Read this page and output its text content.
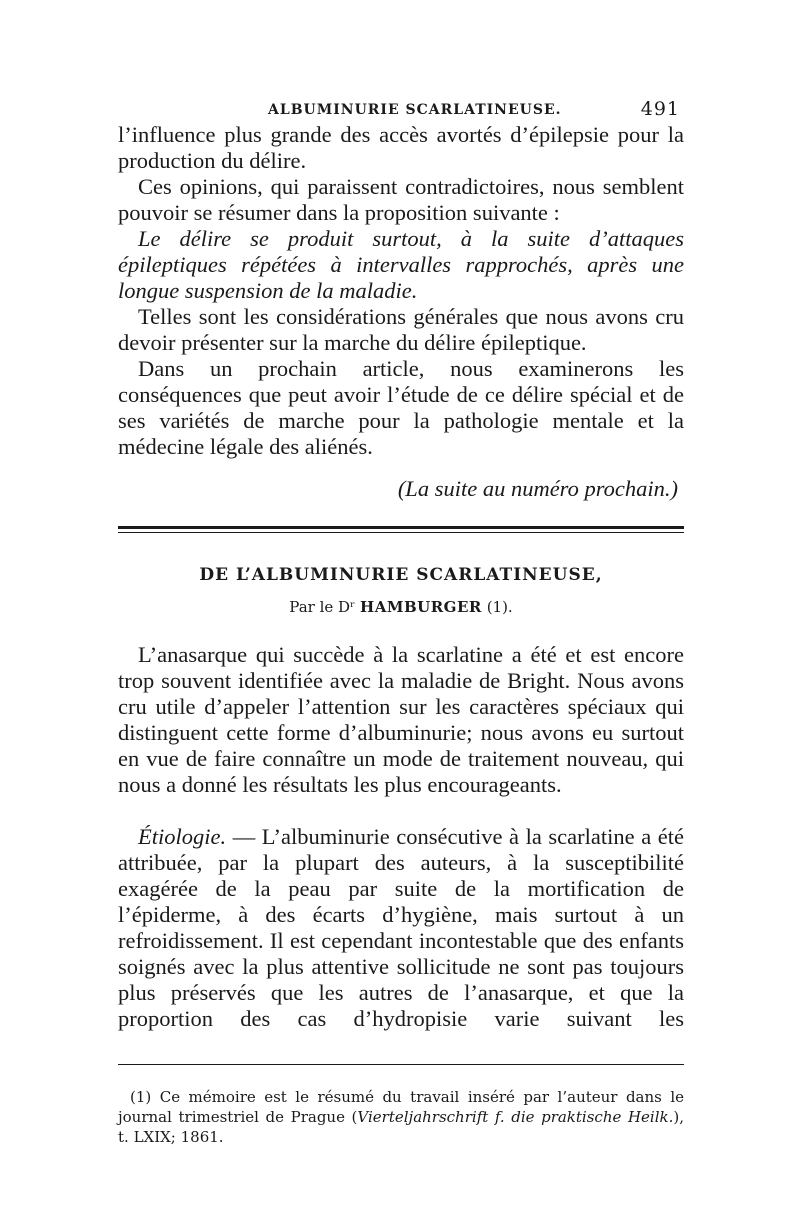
ALBUMINURIE SCARLATINEUSE.	491

l’influence plus grande des accès avortés d’épilepsie pour la production du délire.

Ces opinions, qui paraissent contradictoires, nous semblent pouvoir se résumer dans la proposition suivante :

Le délire se produit surtout, à la suite d’attaques épileptiques répétées à intervalles rapprochés, après une longue suspension de la maladie.

Telles sont les considérations générales que nous avons cru devoir présenter sur la marche du délire épileptique.

Dans un prochain article, nous examinerons les conséquences que peut avoir l’étude de ce délire spécial et de ses variétés de marche pour la pathologie mentale et la médecine légale des aliénés.

(La suite au numéro prochain.)

DE L’ALBUMINURIE SCARLATINEUSE,
Par le Dʳ HAMBURGER (1).

L’anasarque qui succède à la scarlatine a été et est encore trop souvent identifiée avec la maladie de Bright. Nous avons cru utile d’appeler l’attention sur les caractères spéciaux qui distinguent cette forme d’albuminurie; nous avons eu surtout en vue de faire connaître un mode de traitement nouveau, qui nous a donné les résultats les plus encourageants.

Étiologie. — L’albuminurie consécutive à la scarlatine a été attribuée, par la plupart des auteurs, à la susceptibilité exagérée de la peau par suite de la mortification de l’épiderme, à des écarts d’hygiène, mais surtout à un refroidissement. Il est cependant incontestable que des enfants soignés avec la plus attentive sollicitude ne sont pas toujours plus préservés que les autres de l’anasarque, et que la proportion des cas d’hydropisie varie suivant les

(1) Ce mémoire est le résumé du travail inséré par l’auteur dans le journal trimestriel de Prague (Vierteljahrschrift f. die praktische Heilk.), t. LXIX; 1861.
